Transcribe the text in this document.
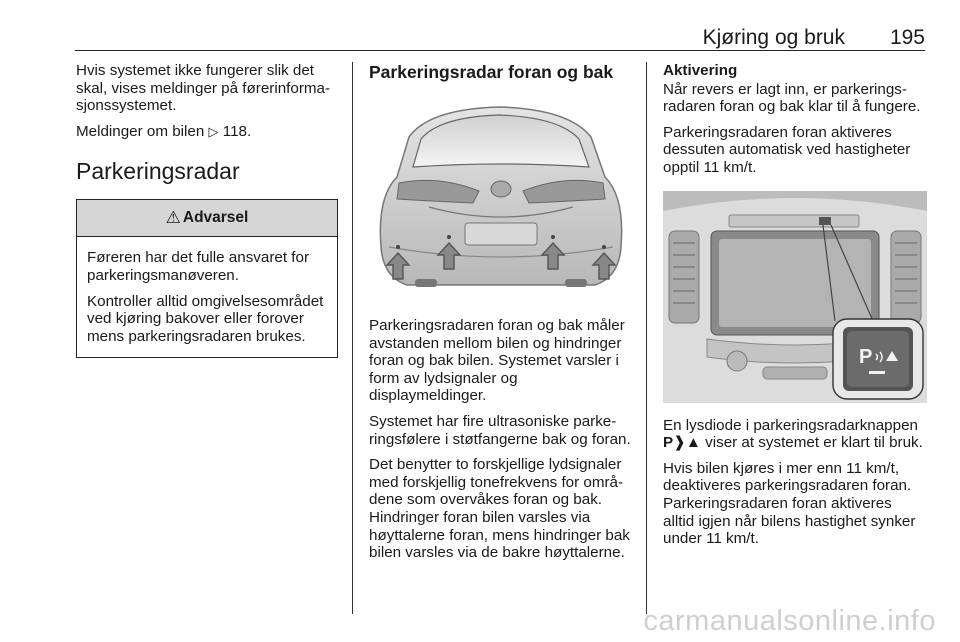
Kjøring og bruk 195

Hvis systemet ikke fungerer slik det skal, vises meldinger på førerinformasjonssystemet.

Meldinger om bilen ▷ 118.

Parkeringsradar
⚠ Advarsel

Føreren har det fulle ansvaret for parkeringsmanøveren.

Kontroller alltid omgivelsesområdet ved kjøring bakover eller forover mens parkeringsradaren brukes.

Parkeringsradar foran og bak

Parkeringsradaren foran og bak måler avstanden mellom bilen og hindringer foran og bak bilen. Systemet varsler i form av lydsignaler og displaymeldinger.

Systemet har fire ultrasoniske parkeringsfølere i støtfangerne bak og foran.

Det benytter to forskjellige lydsignaler med forskjellig tonefrekvens for områdene som overvåkes foran og bak. Hindringer foran bilen varsles via høyttalerne foran, mens hindringer bak bilen varsles via de bakre høyttalerne.

Aktivering

Når revers er lagt inn, er parkeringsradaren foran og bak klar til å fungere.

Parkeringsradaren foran aktiveres dessuten automatisk ved hastigheter opptil 11 km/t.

P

En lysdiode i parkeringsradarknappen P❱▲ viser at systemet er klart til bruk.

Hvis bilen kjøres i mer enn 11 km/t, deaktiveres parkeringsradaren foran. Parkeringsradaren foran aktiveres alltid igjen når bilens hastighet synker under 11 km/t.

carmanualsonline.info
